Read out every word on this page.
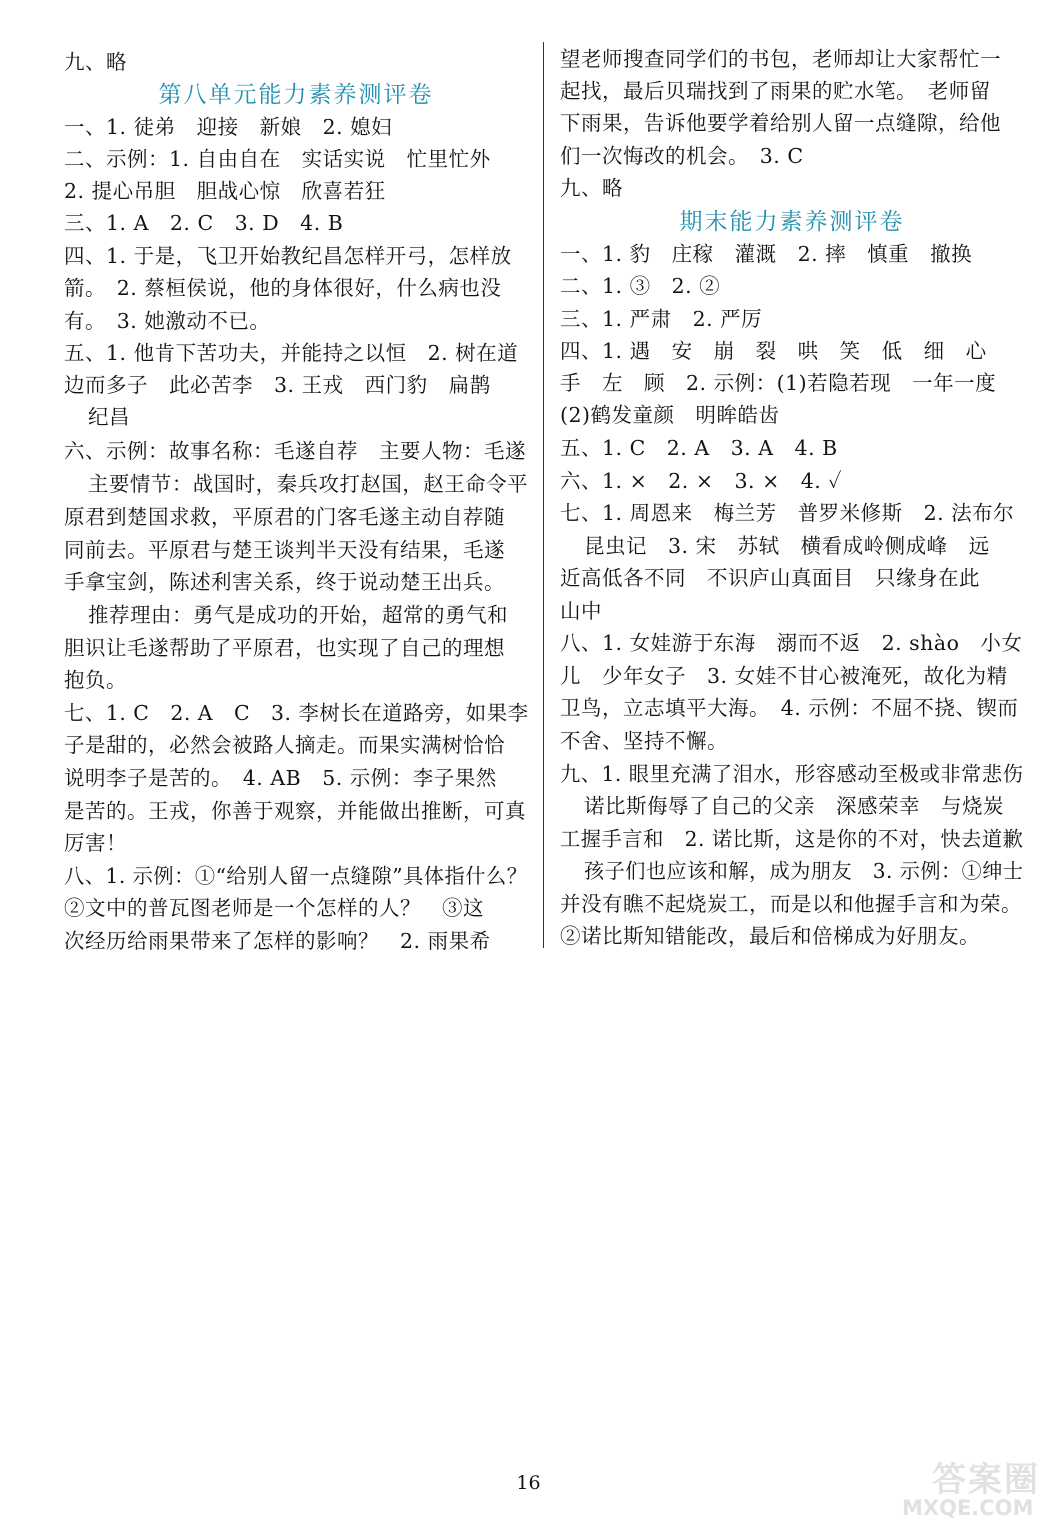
九、略
第八单元能力素养测评卷
一、1. 徒弟　迎接　新娘　2. 媳妇
二、示例：1. 自由自在　实话实说　忙里忙外
2. 提心吊胆　胆战心惊　欣喜若狂
三、1. A　2. C　3. D　4. B
四、1. 于是，飞卫开始教纪昌怎样开弓，怎样放
箭。　2. 蔡桓侯说，他的身体很好，什么病也没
有。　3. 她激动不已。
五、1. 他肯下苦功夫，并能持之以恒　2. 树在道
边而多子　此必苦李　3. 王戎　西门豹　扁鹊
纪昌
六、示例：故事名称：毛遂自荐　主要人物：毛遂
主要情节：战国时，秦兵攻打赵国，赵王命令平
原君到楚国求救，平原君的门客毛遂主动自荐随
同前去。平原君与楚王谈判半天没有结果，毛遂
手拿宝剑，陈述利害关系，终于说动楚王出兵。
推荐理由：勇气是成功的开始，超常的勇气和
胆识让毛遂帮助了平原君，也实现了自己的理想
抱负。
七、1. C　2. A　C　3. 李树长在道路旁，如果李
子是甜的，必然会被路人摘走。而果实满树恰恰
说明李子是苦的。　4. AB　5. 示例：李子果然
是苦的。王戎，你善于观察，并能做出推断，可真
厉害！
八、1. 示例：①“给别人留一点缝隙”具体指什么？
②文中的普瓦图老师是一个怎样的人？　③这
次经历给雨果带来了怎样的影响？　2. 雨果希
望老师搜查同学们的书包，老师却让大家帮忙一
起找，最后贝瑞找到了雨果的贮水笔。　老师留
下雨果，告诉他要学着给别人留一点缝隙，给他
们一次悔改的机会。　3. C
九、略
期末能力素养测评卷
一、1. 豹　庄稼　灌溉　2. 摔　慎重　撤换
二、1. ③　2. ②
三、1. 严肃　2. 严厉
四、1. 遇　安　崩　裂　哄　笑　低　细　心
手　左　顾　2. 示例：(1)若隐若现　一年一度
(2)鹤发童颜　明眸皓齿
五、1. C　2. A　3. A　4. B
六、1. ×　2. ×　3. ×　4. ✓
七、1. 周恩来　梅兰芳　普罗米修斯　2. 法布尔
昆虫记　3. 宋　苏轼　横看成岭侧成峰　远
近高低各不同　不识庐山真面目　只缘身在此
山中
八、1. 女娃游于东海　溺而不返　2. shào　小女
儿　少年女子　3. 女娃不甘心被淹死，故化为精
卫鸟，立志填平大海。　4. 示例：不屈不挠、锲而
不舍、坚持不懈。
九、1. 眼里充满了泪水，形容感动至极或非常悲伤
诺比斯侮辱了自己的父亲　深感荣幸　与烧炭
工握手言和　2. 诺比斯，这是你的不对，快去道歉
孩子们也应该和解，成为朋友　3. 示例：①绅士
并没有瞧不起烧炭工，而是以和他握手言和为荣。
②诺比斯知错能改，最后和倍梯成为好朋友。
16	答案圈
MXQE.COM
